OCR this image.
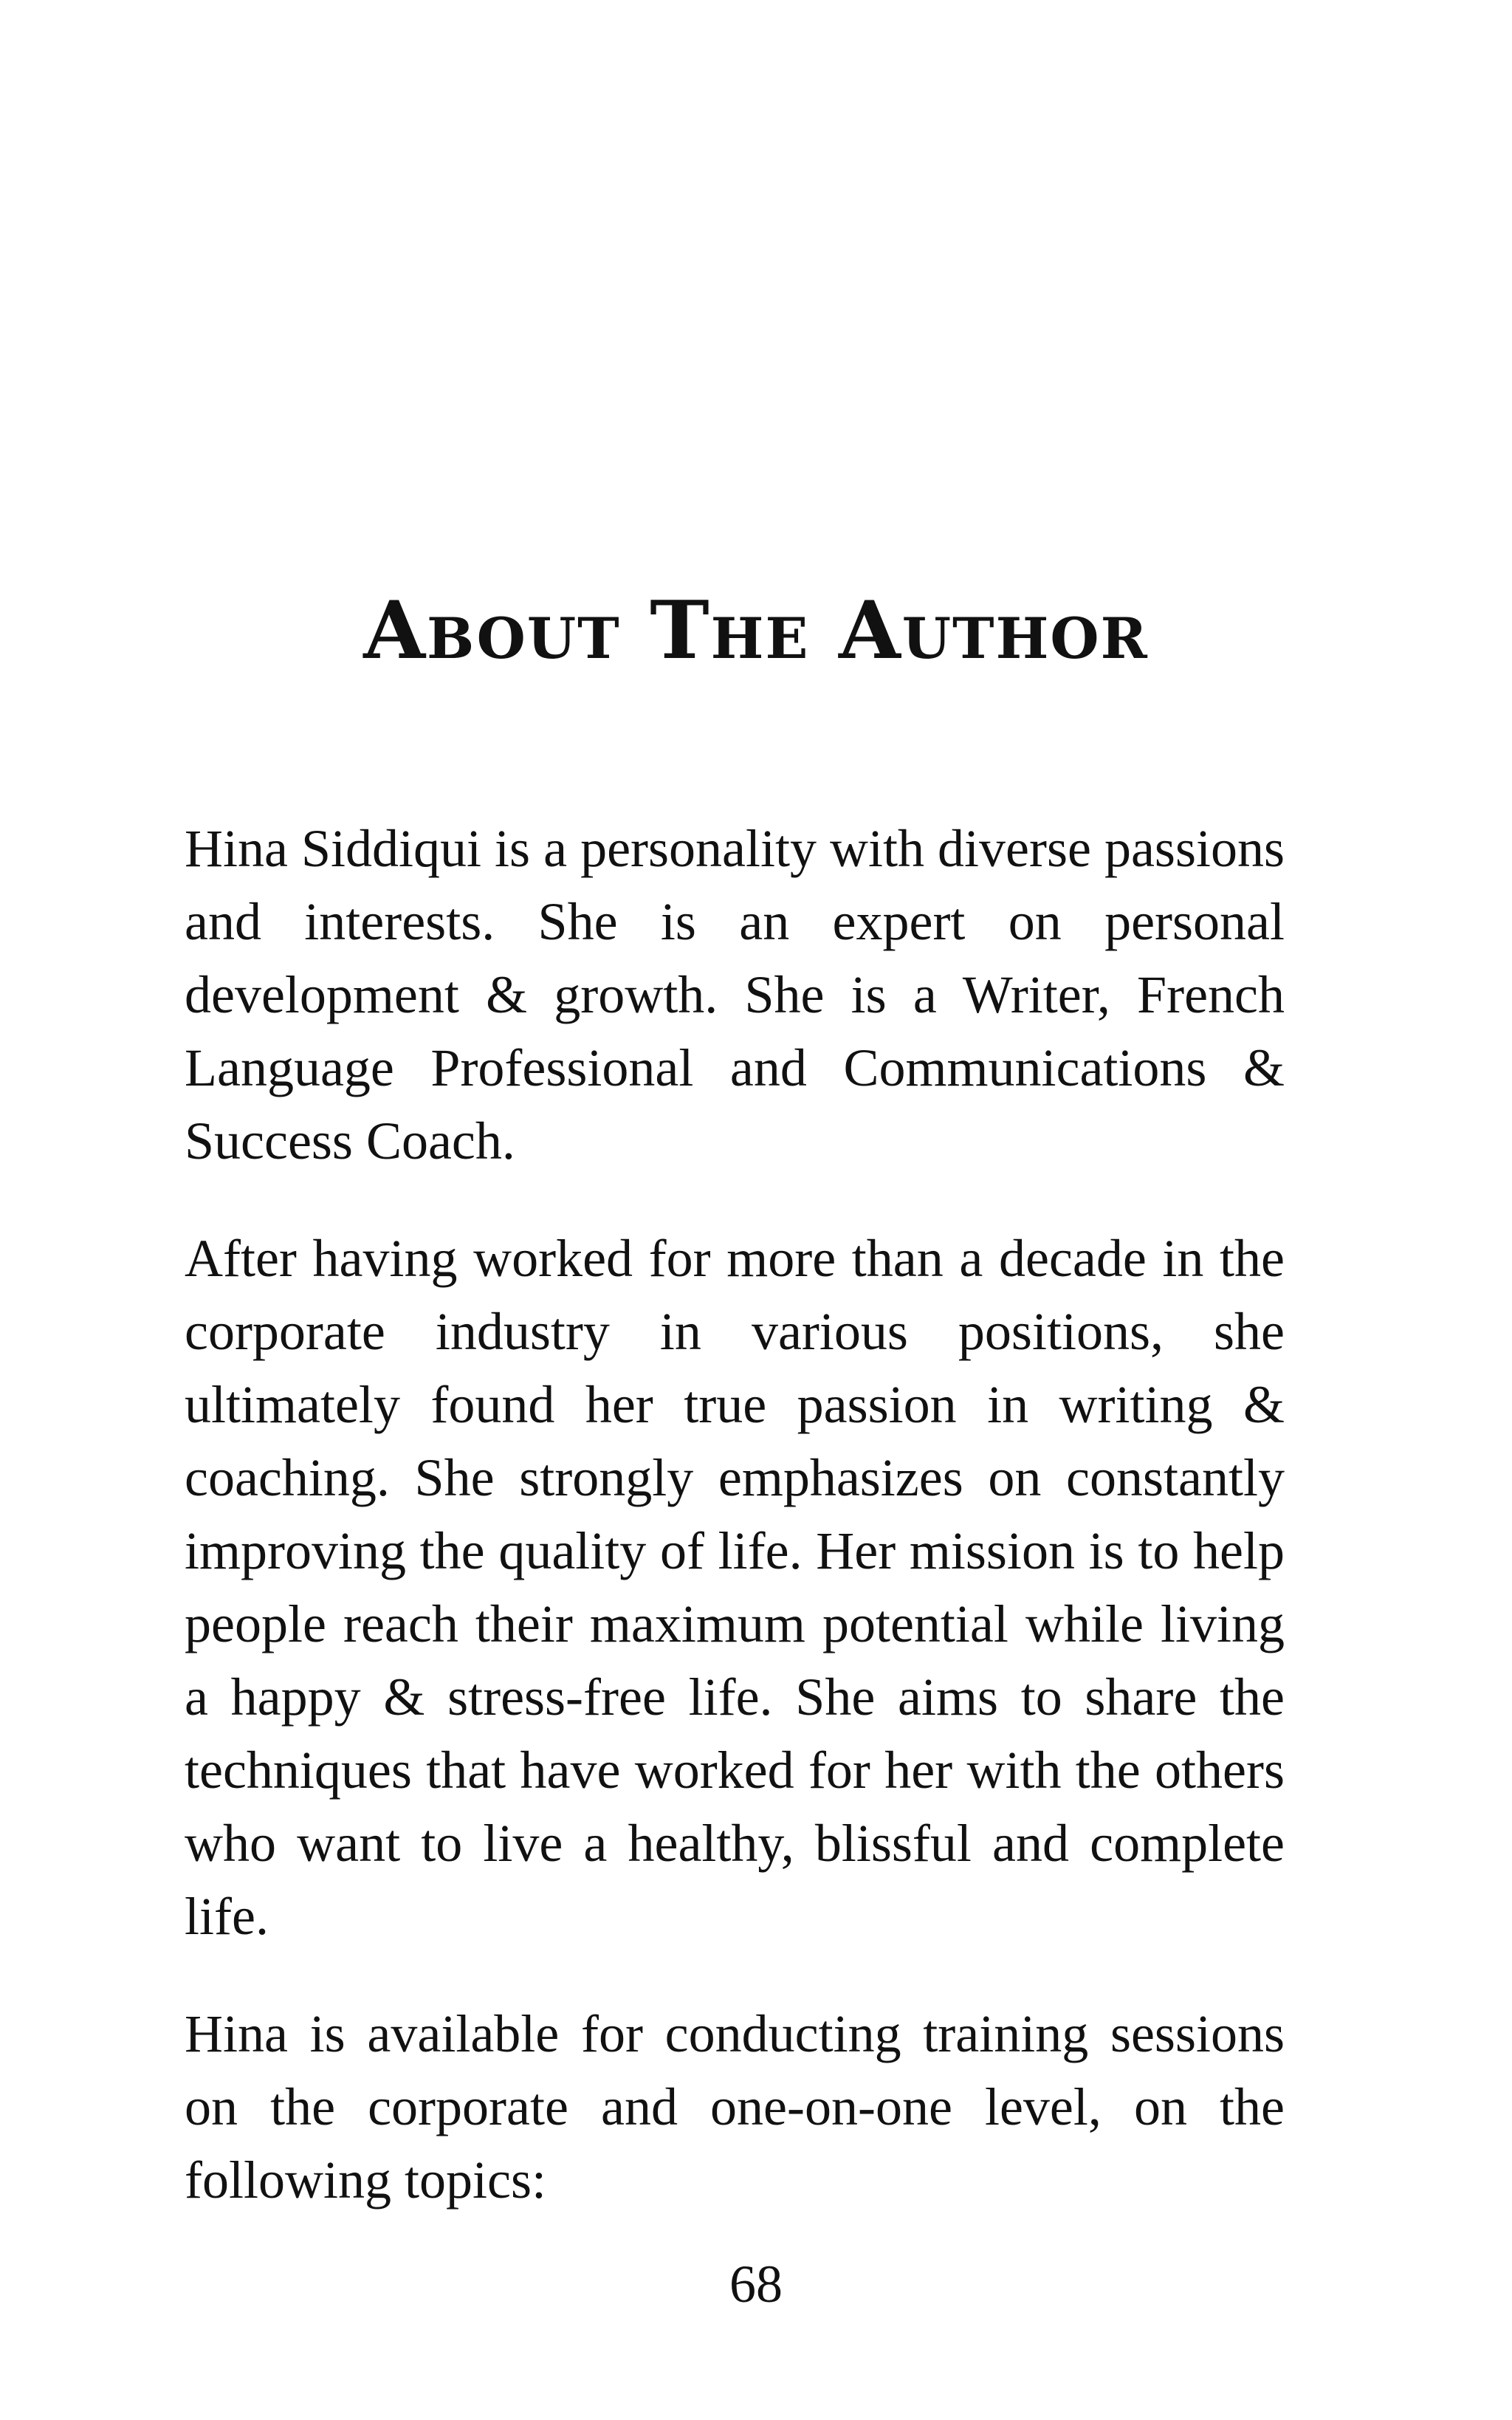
About The Author

Hina Siddiqui is a personality with diverse passions and interests. She is an expert on personal development & growth. She is a Writer, French Language Professional and Communications & Success Coach.

After having worked for more than a decade in the corporate industry in various positions, she ultimately found her true passion in writing & coaching. She strongly emphasizes on constantly improving the quality of life. Her mission is to help people reach their maximum potential while living a happy & stress-free life. She aims to share the techniques that have worked for her with the others who want to live a healthy, blissful and complete life.

Hina is available for conducting training sessions on the corporate and one-on-one level, on the following topics:

68
